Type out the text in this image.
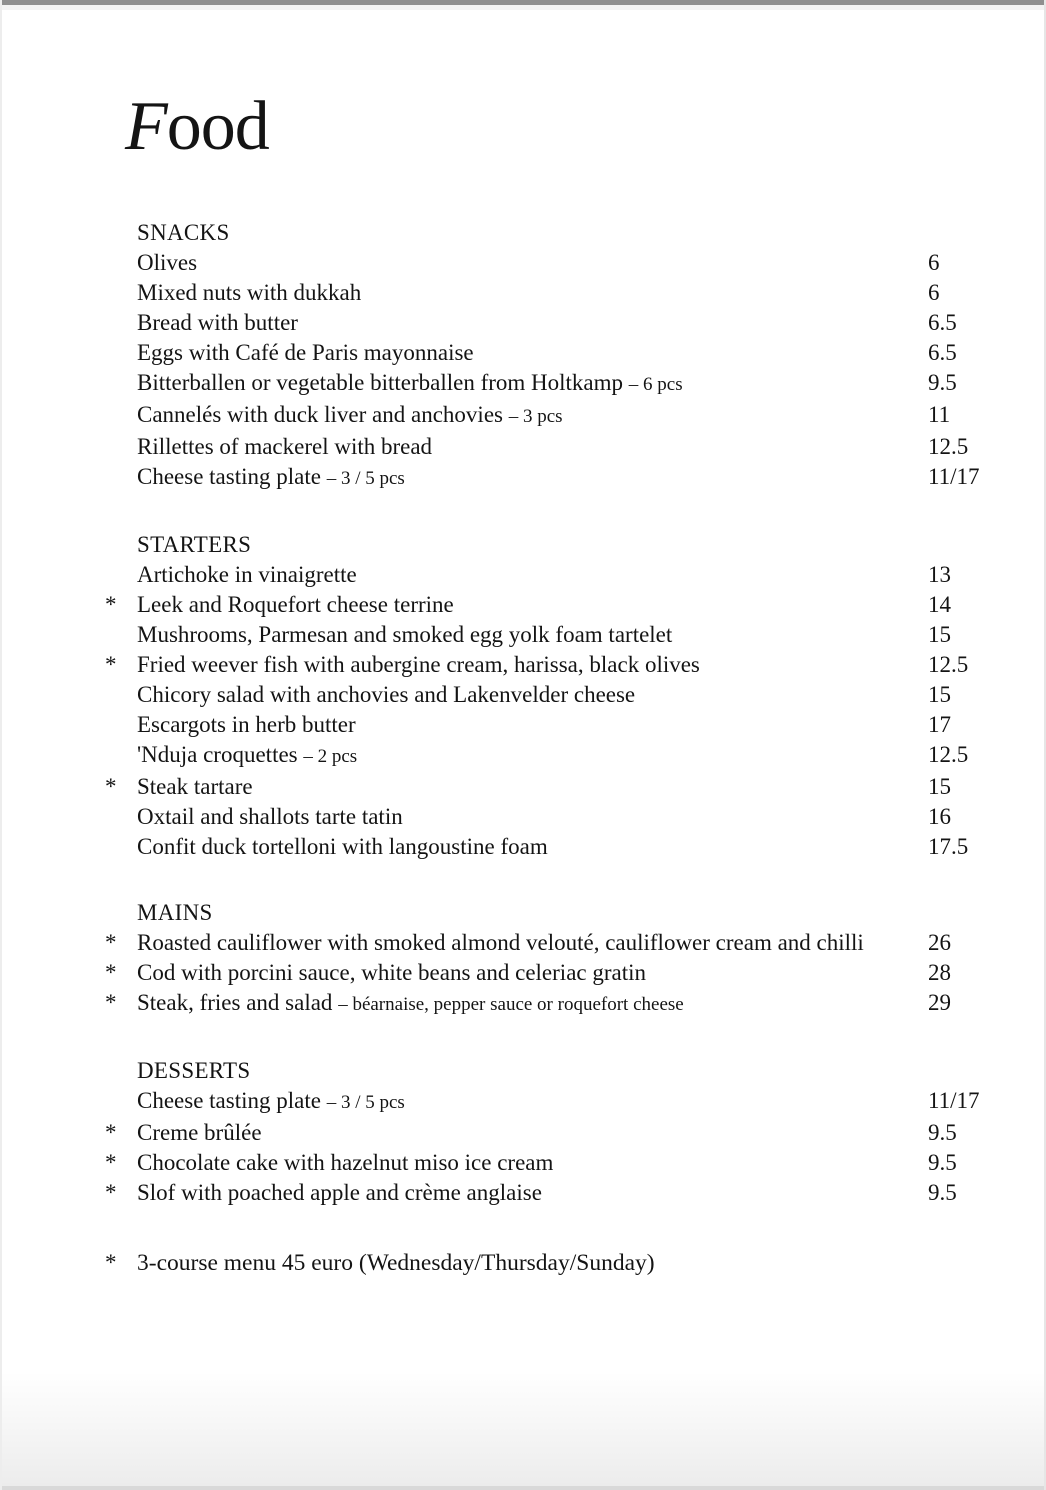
Food
SNACKS
Olives	6
Mixed nuts with dukkah	6
Bread with butter	6.5
Eggs with Café de Paris mayonnaise	6.5
Bitterballen or vegetable bitterballen from Holtkamp – 6 pcs	9.5
Cannelés with duck liver and anchovies – 3 pcs	11
Rillettes of mackerel with bread	12.5
Cheese tasting plate – 3 / 5 pcs	11/17
STARTERS
Artichoke in vinaigrette	13
* Leek and Roquefort cheese terrine	14
Mushrooms, Parmesan and smoked egg yolk foam tartelet	15
* Fried weever fish with aubergine cream, harissa, black olives	12.5
Chicory salad with anchovies and Lakenvelder cheese	15
Escargots in herb butter	17
'Nduja croquettes – 2 pcs	12.5
* Steak tartare	15
Oxtail and shallots tarte tatin	16
Confit duck tortelloni with langoustine foam	17.5
MAINS
* Roasted cauliflower with smoked almond velouté, cauliflower cream and chilli	26
* Cod with porcini sauce, white beans and celeriac gratin	28
* Steak, fries and salad – béarnaise, pepper sauce or roquefort cheese	29
DESSERTS
Cheese tasting plate – 3 / 5 pcs	11/17
* Creme brûlée	9.5
* Chocolate cake with hazelnut miso ice cream	9.5
* Slof with poached apple and crème anglaise	9.5
* 3-course menu 45 euro (Wednesday/Thursday/Sunday)
